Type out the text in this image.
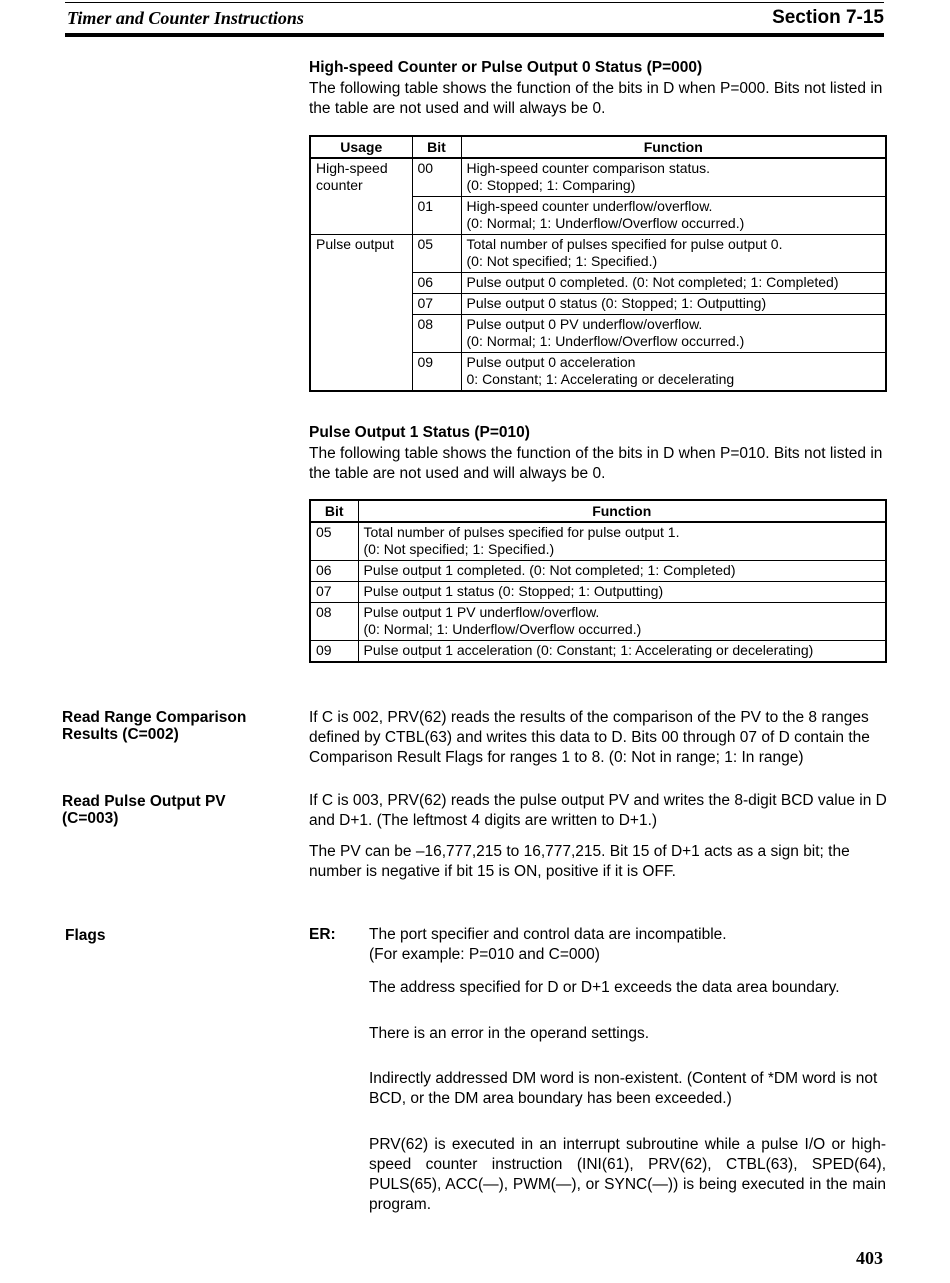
Timer and Counter Instructions	Section 7-15
High-speed Counter or Pulse Output 0 Status (P=000)
The following table shows the function of the bits in D when P=000. Bits not listed in the table are not used and will always be 0.
Usage	Bit	Function
High-speed counter	00	High-speed counter comparison status.
(0: Stopped; 1: Comparing)

	01	High-speed counter underflow/overflow.
(0: Normal; 1: Underflow/Overflow occurred.)

Pulse output	05	Total number of pulses specified for pulse output 0.
(0: Not specified; 1: Specified.)

	06	Pulse output 0 completed. (0: Not completed; 1: Completed)

	07	Pulse output 0 status (0: Stopped; 1: Outputting)

	08	Pulse output 0 PV underflow/overflow.
(0: Normal; 1: Underflow/Overflow occurred.)

	09	Pulse output 0 acceleration
0: Constant; 1: Accelerating or decelerating
Pulse Output 1 Status (P=010)
The following table shows the function of the bits in D when P=010. Bits not listed in the table are not used and will always be 0.
Bit	Function
05	Total number of pulses specified for pulse output 1.
(0: Not specified; 1: Specified.)

06	Pulse output 1 completed. (0: Not completed; 1: Completed)

07	Pulse output 1 status (0: Stopped; 1: Outputting)

08	Pulse output 1 PV underflow/overflow.
(0: Normal; 1: Underflow/Overflow occurred.)

09	Pulse output 1 acceleration (0: Constant; 1: Accelerating or decelerating)
Read Range Comparison
Results (C=002)
If C is 002, PRV(62) reads the results of the comparison of the PV to the 8 ranges defined by CTBL(63) and writes this data to D. Bits 00 through 07 of D contain the Comparison Result Flags for ranges 1 to 8. (0: Not in range; 1: In range)
Read Pulse Output PV
(C=003)
If C is 003, PRV(62) reads the pulse output PV and writes the 8-digit BCD value in D and D+1. (The leftmost 4 digits are written to D+1.)
The PV can be –16,777,215 to 16,777,215. Bit 15 of D+1 acts as a sign bit; the number is negative if bit 15 is ON, positive if it is OFF.
Flags	ER: The port specifier and control data are incompatible.
(For example: P=010 and C=000)
The address specified for D or D+1 exceeds the data area boundary.
There is an error in the operand settings.
Indirectly addressed DM word is non-existent. (Content of *DM word is not BCD, or the DM area boundary has been exceeded.)
PRV(62) is executed in an interrupt subroutine while a pulse I/O or high-speed counter instruction (INI(61), PRV(62), CTBL(63), SPED(64), PULS(65), ACC(—), PWM(—), or SYNC(—)) is being executed in the main program.
403
